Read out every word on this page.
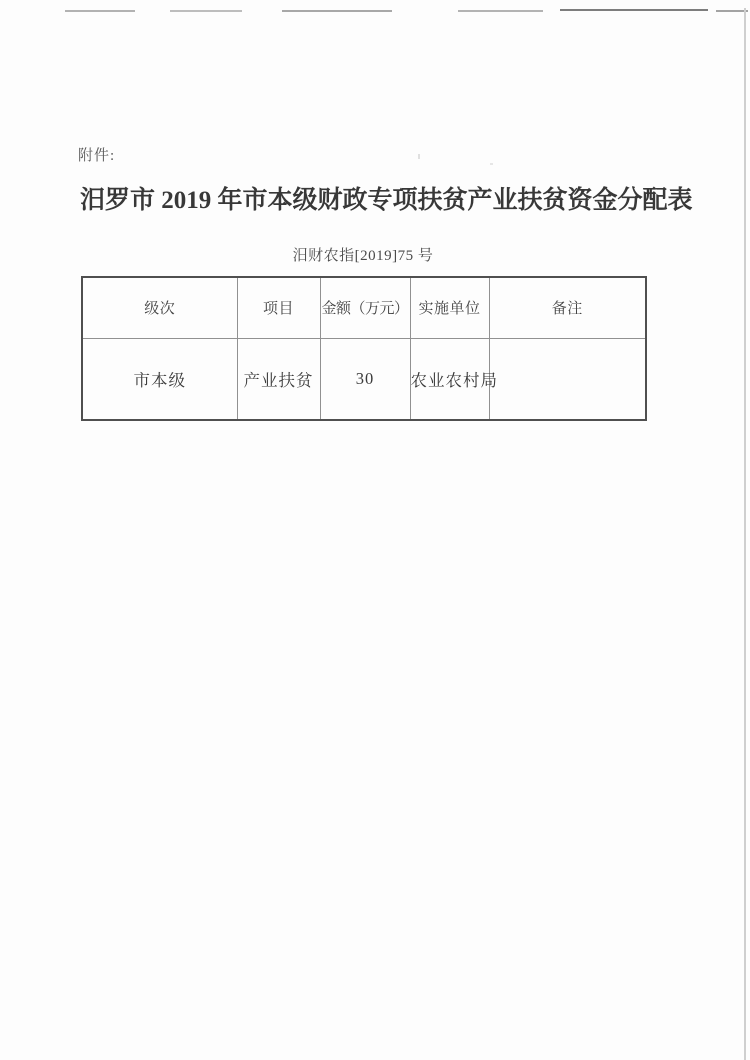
附件:
汨罗市 2019 年市本级财政专项扶贫产业扶贫资金分配表
汨财农指[2019]75 号
级次	项目	金额（万元）	实施单位	备注
市本级	产业扶贫	30	农业农村局	
